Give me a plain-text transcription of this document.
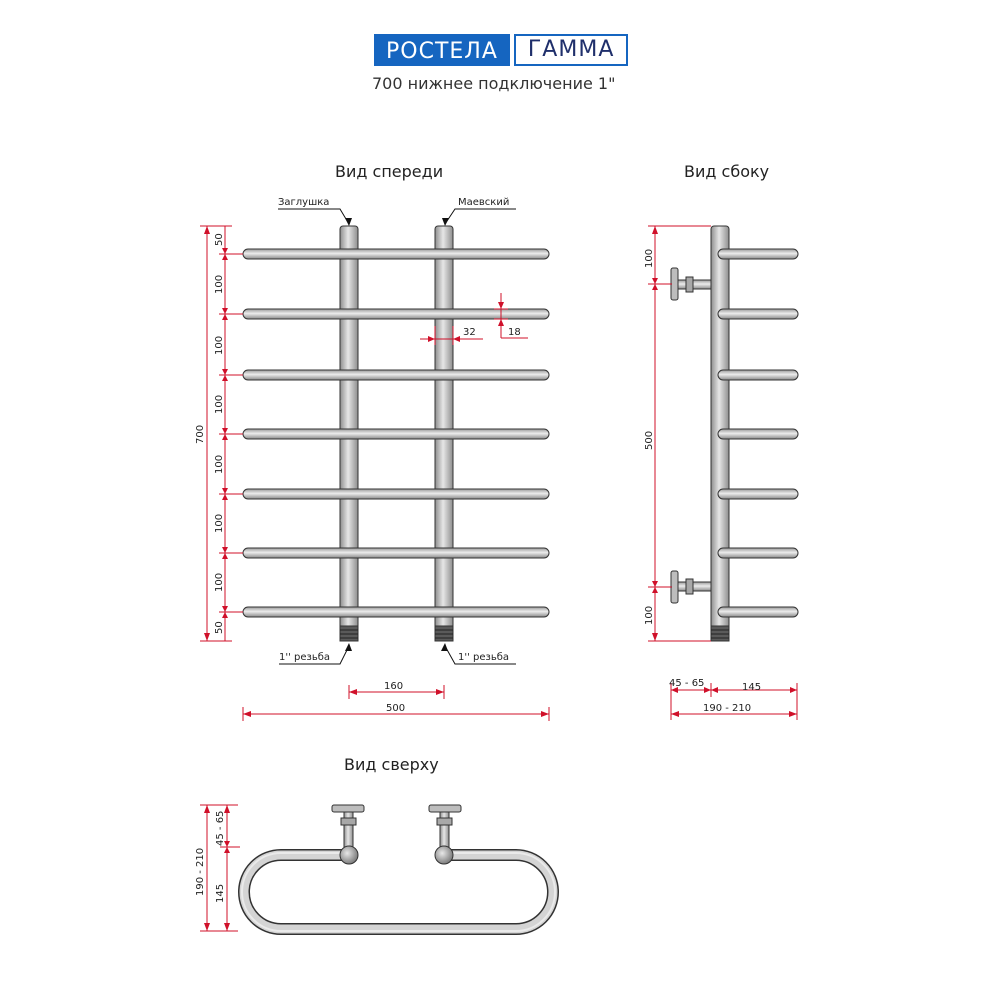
РОСТЕЛА	ГАММА
700 нижнее подключение 1"
Вид спереди
Заглушка	Маевский
1'' резьба	1'' резьба
700
50
100
100
100
100
100
100
50
32	18
160
500
Вид сбоку
100
500
100
45 - 65	145
190 - 210
Вид сверху
190 - 210
45 - 65
145
